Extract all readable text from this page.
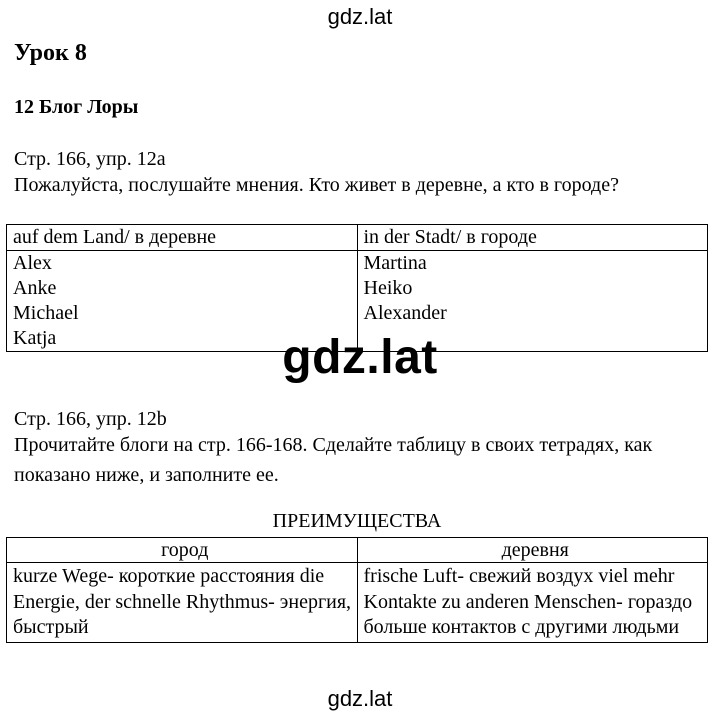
gdz.lat
Урок 8
12 Блог Лоры
Стр. 166, упр. 12a
Пожалуйста, послушайте мнения. Кто живет в деревне, а кто в городе?
auf dem Land/ в деревне	in der Stadt/ в городе
Alex	Martina
Anke	Heiko
Michael	Alexander
Katja		gdz.lat
Стр. 166, упр. 12b
Прочитайте блоги на стр. 166-168. Сделайте таблицу в своих тетрадях, как показано ниже, и заполните ее.
ПРЕИМУЩЕСТВА
город	деревня
kurze Wege- короткие расстояния die Energie, der schnelle Rhythmus- энергия, быстрый	frische Luft- свежий воздух viel mehr Kontakte zu anderen Menschen- гораздо больше контактов с другими людьми
gdz.lat
